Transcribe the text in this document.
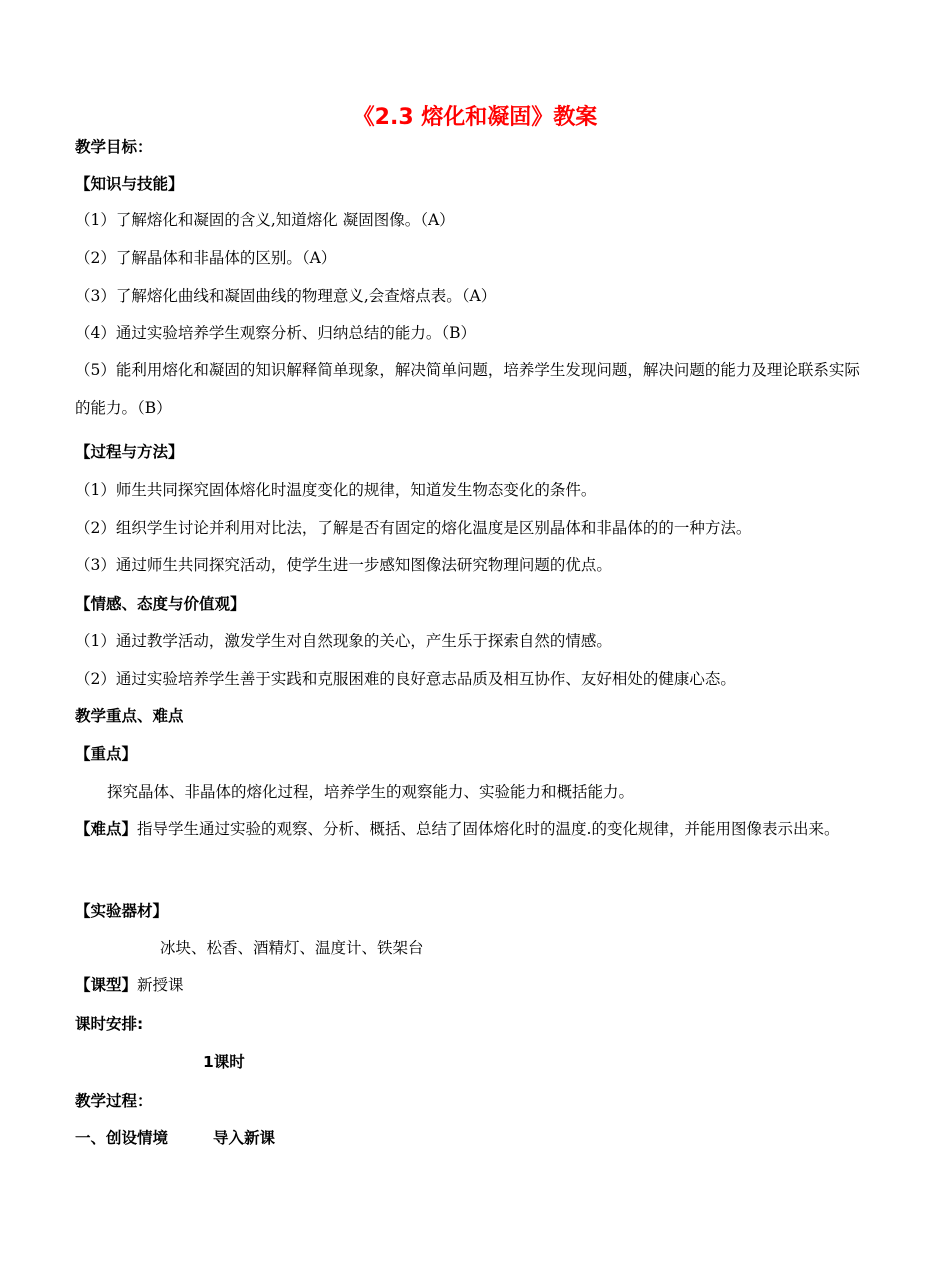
《2.3 熔化和凝固》教案
教学目标：
【知识与技能】
（1）了解熔化和凝固的含义,知道熔化 凝固图像。（A）
（2）了解晶体和非晶体的区别。（A）
（3）了解熔化曲线和凝固曲线的物理意义,会查熔点表。（A）
（4）通过实验培养学生观察分析、归纳总结的能力。（B）
（5）能利用熔化和凝固的知识解释简单现象，解决简单问题，培养学生发现问题，解决问题的能力及理论联系实际的能力。（B）
【过程与方法】
（1）师生共同探究固体熔化时温度变化的规律，知道发生物态变化的条件。
（2）组织学生讨论并利用对比法，了解是否有固定的熔化温度是区别晶体和非晶体的的一种方法。
（3）通过师生共同探究活动，使学生进一步感知图像法研究物理问题的优点。
【情感、态度与价值观】
（1）通过教学活动，激发学生对自然现象的关心，产生乐于探索自然的情感。
（2）通过实验培养学生善于实践和克服困难的良好意志品质及相互协作、友好相处的健康心态。
教学重点、难点
【重点】
探究晶体、非晶体的熔化过程，培养学生的观察能力、实验能力和概括能力。
【难点】指导学生通过实验的观察、分析、概括、总结了固体熔化时的温度.的变化规律，并能用图像表示出来。
【实验器材】
冰块、松香、酒精灯、温度计、铁架台
【课型】新授课
课时安排:
1课时
教学过程：
一、创设情境	导入新课
